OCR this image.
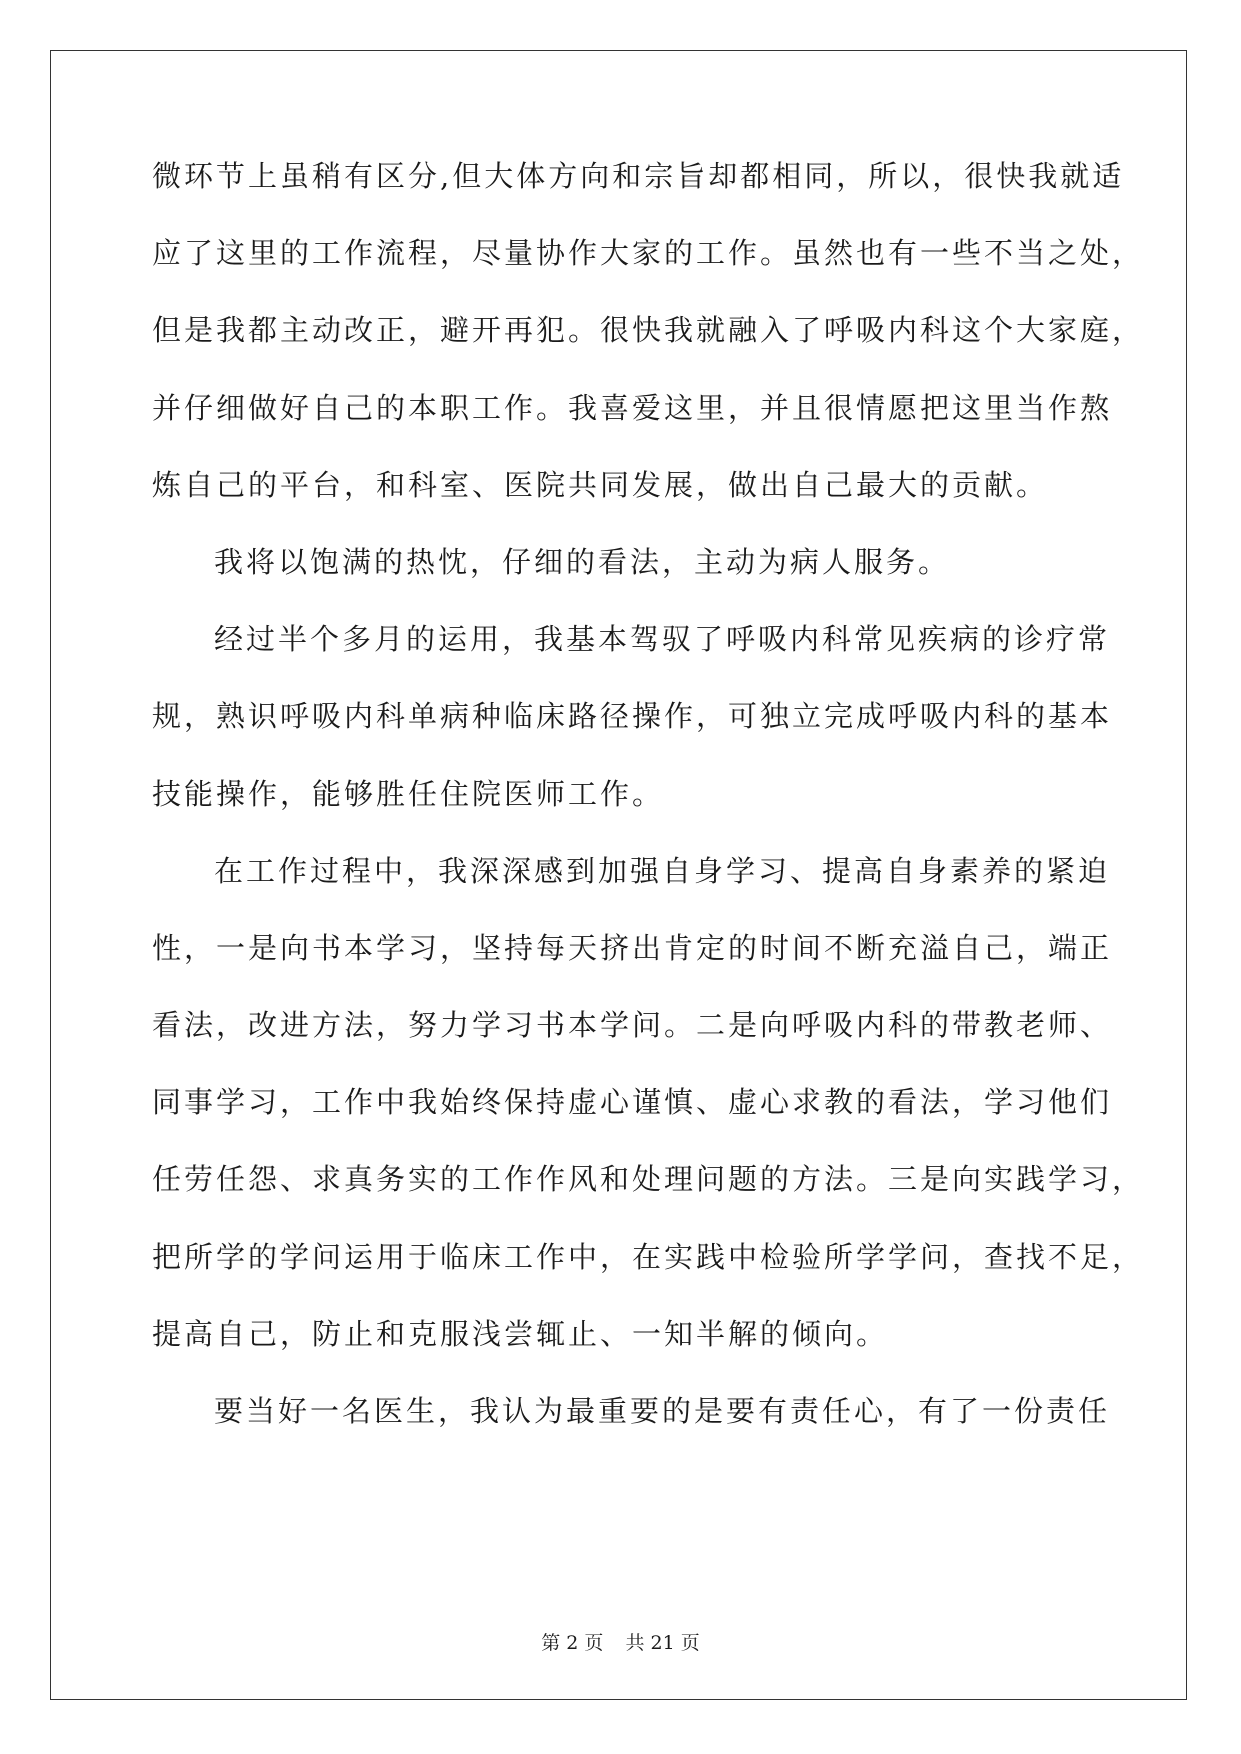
微环节上虽稍有区分,但大体方向和宗旨却都相同，所以，很快我就适
应了这里的工作流程，尽量协作大家的工作。虽然也有一些不当之处，
但是我都主动改正，避开再犯。很快我就融入了呼吸内科这个大家庭，
并仔细做好自己的本职工作。我喜爱这里，并且很情愿把这里当作熬
炼自己的平台，和科室、医院共同发展，做出自己最大的贡献。
我将以饱满的热忱，仔细的看法，主动为病人服务。
经过半个多月的运用，我基本驾驭了呼吸内科常见疾病的诊疗常
规，熟识呼吸内科单病种临床路径操作，可独立完成呼吸内科的基本
技能操作，能够胜任住院医师工作。
在工作过程中，我深深感到加强自身学习、提高自身素养的紧迫
性，一是向书本学习，坚持每天挤出肯定的时间不断充溢自己，端正
看法，改进方法，努力学习书本学问。二是向呼吸内科的带教老师、
同事学习，工作中我始终保持虚心谨慎、虚心求教的看法，学习他们
任劳任怨、求真务实的工作作风和处理问题的方法。三是向实践学习，
把所学的学问运用于临床工作中，在实践中检验所学学问，查找不足，
提高自己，防止和克服浅尝辄止、一知半解的倾向。
要当好一名医生，我认为最重要的是要有责任心，有了一份责任
第 2 页 共 21 页
